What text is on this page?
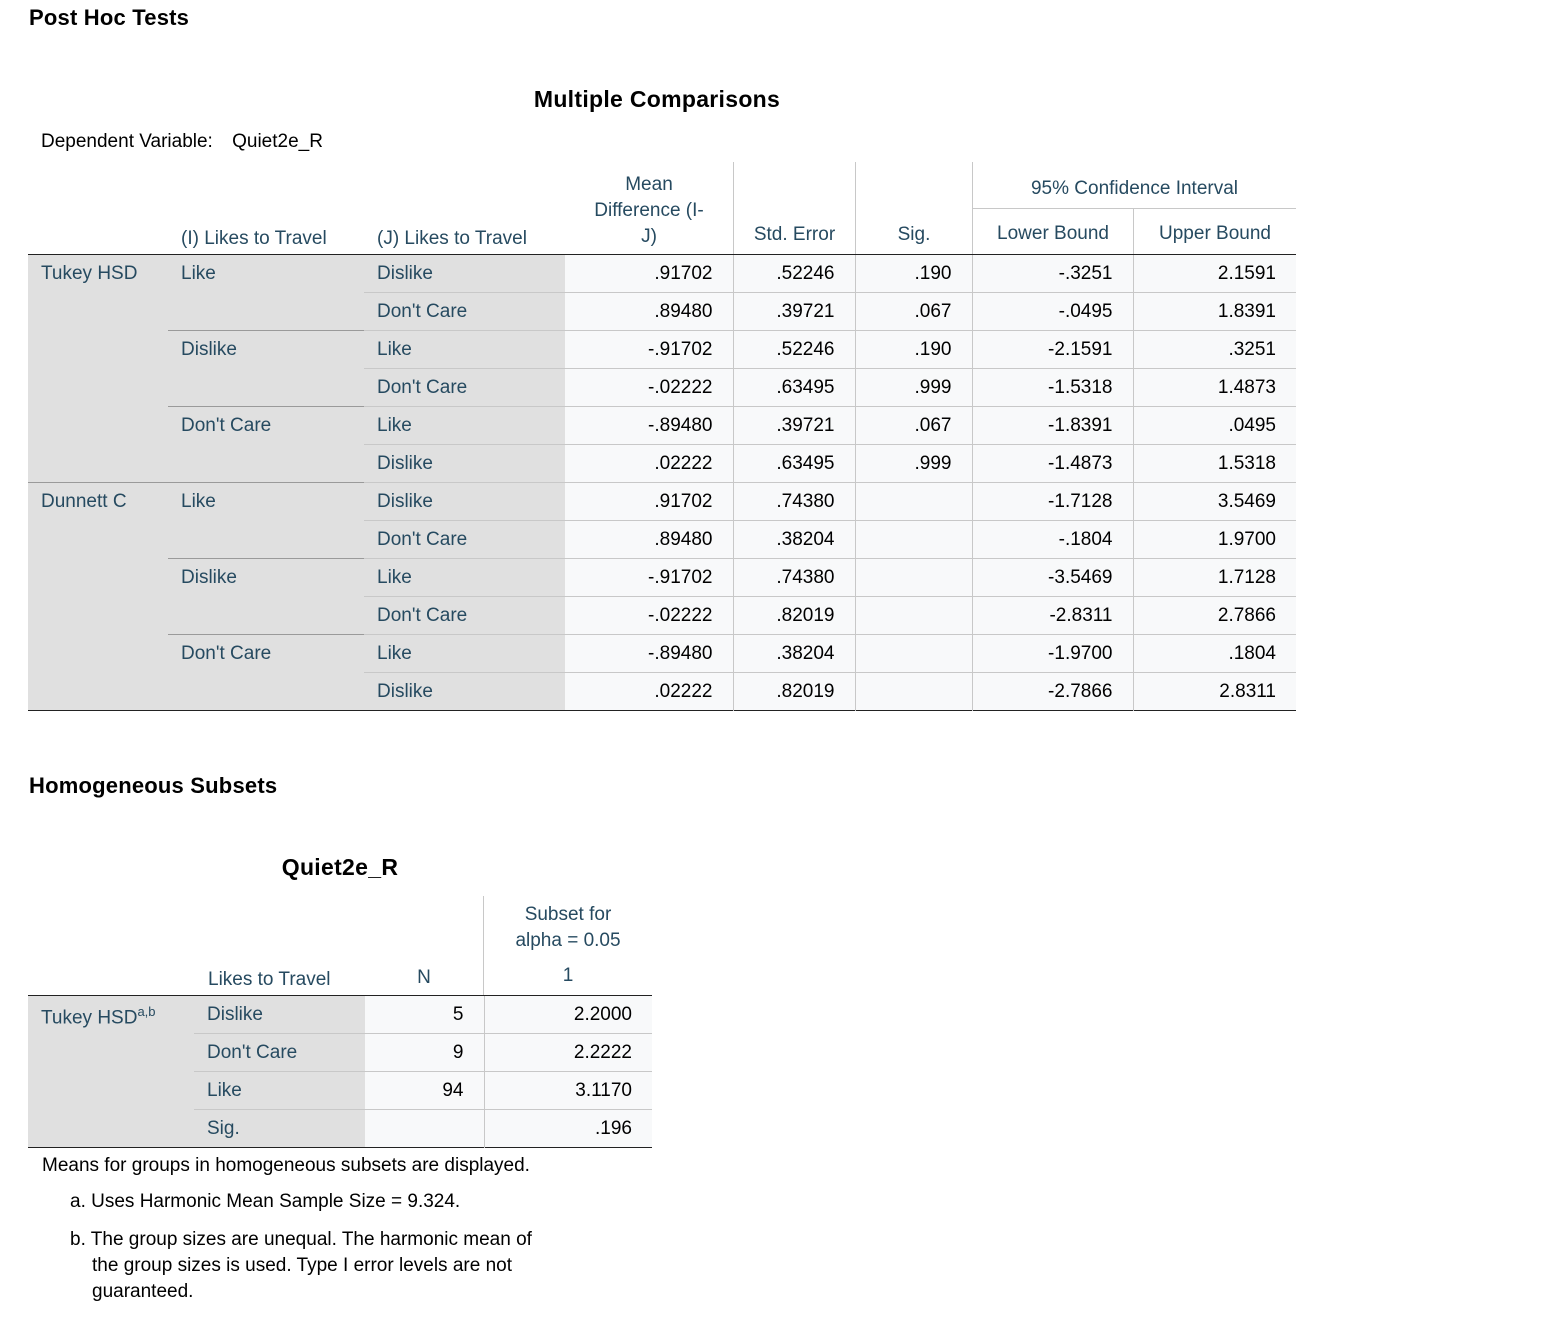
Post Hoc Tests
Multiple Comparisons
Dependent Variable: Quiet2e_R
(I) Likes to Travel	(J) Likes to Travel
Mean
Difference (I-
J)	Std. Error	Sig.
95% Confidence Interval
Lower Bound	Upper Bound
Tukey HSD	Like	Dislike	.91702	.52246	.190	-.3251	2.1591
		Don't Care	.89480	.39721	.067	-.0495	1.8391
	Dislike	Like	-.91702	.52246	.190	-2.1591	.3251
		Don't Care	-.02222	.63495	.999	-1.5318	1.4873
	Don't Care	Like	-.89480	.39721	.067	-1.8391	.0495
		Dislike	.02222	.63495	.999	-1.4873	1.5318
Dunnett C	Like	Dislike	.91702	.74380		-1.7128	3.5469
		Don't Care	.89480	.38204		-.1804	1.9700
	Dislike	Like	-.91702	.74380		-3.5469	1.7128
		Don't Care	-.02222	.82019		-2.8311	2.7866
	Don't Care	Like	-.89480	.38204		-1.9700	.1804
		Dislike	.02222	.82019		-2.7866	2.8311
Homogeneous Subsets
Quiet2e_R
Subset for
alpha = 0.05
Likes to Travel	N	1
Tukey HSD$^{a,b}$	Dislike	5	2.2000
	Don't Care	9	2.2222
	Like	94	3.1170
	Sig.		.196
Means for groups in homogeneous subsets are displayed.
a. Uses Harmonic Mean Sample Size = 9.324.
b. The group sizes are unequal. The harmonic mean of
the group sizes is used. Type I error levels are not
guaranteed.
